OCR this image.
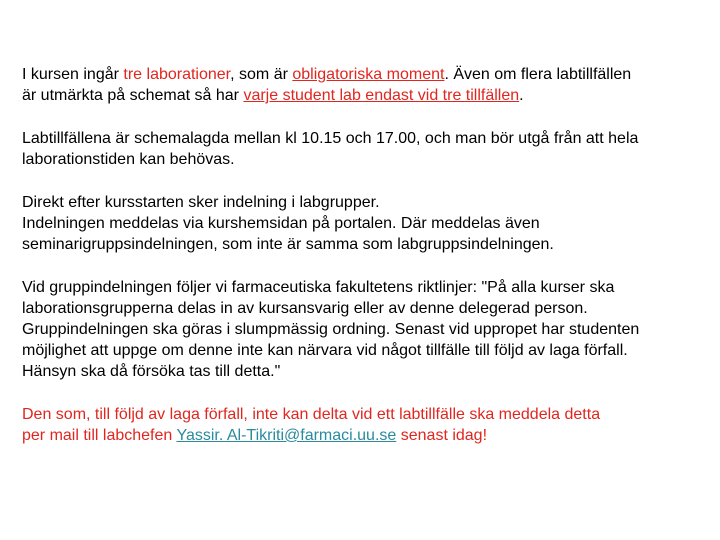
I kursen ingår tre laborationer, som är obligatoriska moment. Även om flera labtillfällen
är utmärkta på schemat så har varje student lab endast vid tre tillfällen.

Labtillfällena är schemalagda mellan kl 10.15 och 17.00, och man bör utgå från att hela
laborationstiden kan behövas.

Direkt efter kursstarten sker indelning i labgrupper.
Indelningen meddelas via kurshemsidan på portalen. Där meddelas även
seminarigruppsindelningen, som inte är samma som labgruppsindelningen.

Vid gruppindelningen följer vi farmaceutiska fakultetens riktlinjer: "På alla kurser ska
laborationsgrupperna delas in av kursansvarig eller av denne delegerad person.
Gruppindelningen ska göras i slumpmässig ordning. Senast vid uppropet har studenten
möjlighet att uppge om denne inte kan närvara vid något tillfälle till följd av laga förfall.
Hänsyn ska då försöka tas till detta."

Den som, till följd av laga förfall, inte kan delta vid ett labtillfälle ska meddela detta
per mail till labchefen Yassir. Al-Tikriti@farmaci.uu.se senast idag!
